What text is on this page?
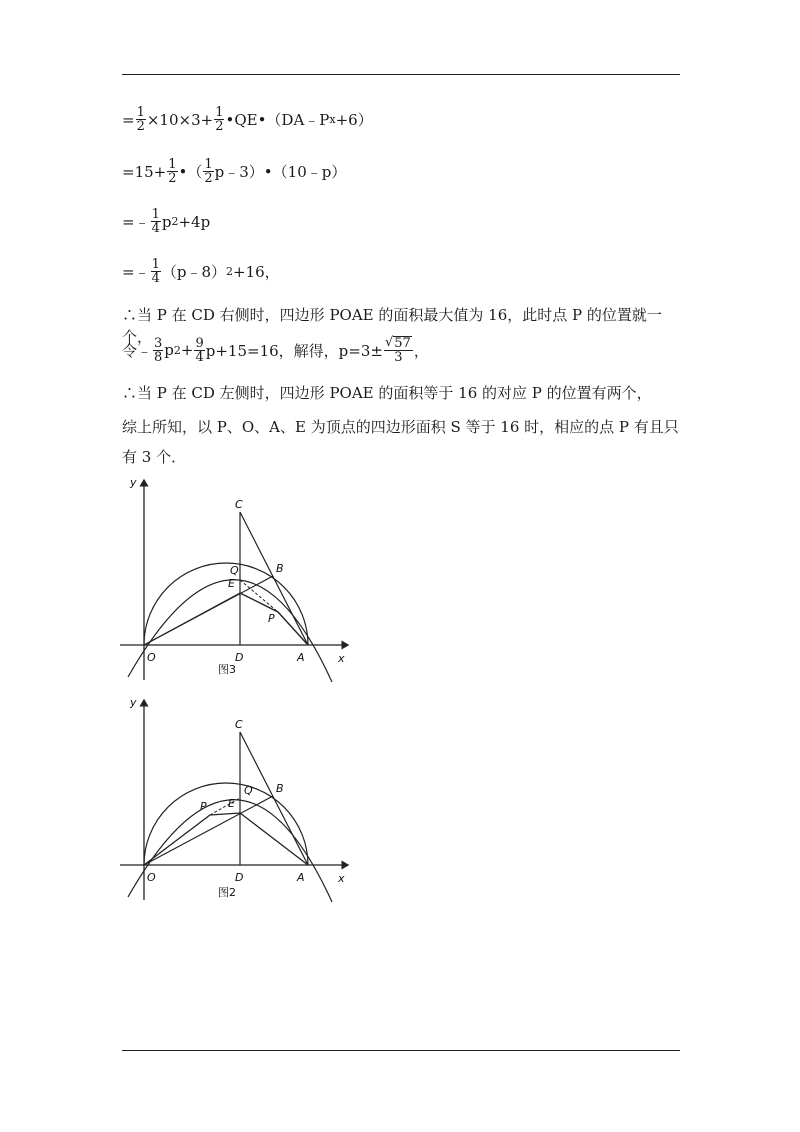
= $\frac{1}{2} \times 10\times 3+ \frac{1}{2}$ •QE•（DA﹣P x +6）
$=15+ \frac{1}{2}$ •（ $\frac{1}{2}$ p﹣3）•（10﹣p）
=﹣ $\frac{1}{4}$ p 2 +4p
=﹣ $\frac{1}{4}$ （p﹣8） 2 +16，
∴当 P 在 CD 右侧时，四边形 POAE 的面积最大值为 16，此时点 P 的位置就一个，
令﹣ $\frac{3}{8}$ p $2 + \frac{9}{4} p+15=16$，解得，$p=3\pm \frac{√ 57}{3}$ ，
∴当 P 在 CD 左侧时，四边形 POAE 的面积等于 16 的对应 P 的位置有两个，
综上所知，以 P、O、A、E 为顶点的四边形面积 S 等于 16 时，相应的点 P 有且只有 3 个．
y
x
C
B
Q
E
P
O	D	A
图3
y
x
C
B
Q
E
P
O	D	A
图2
